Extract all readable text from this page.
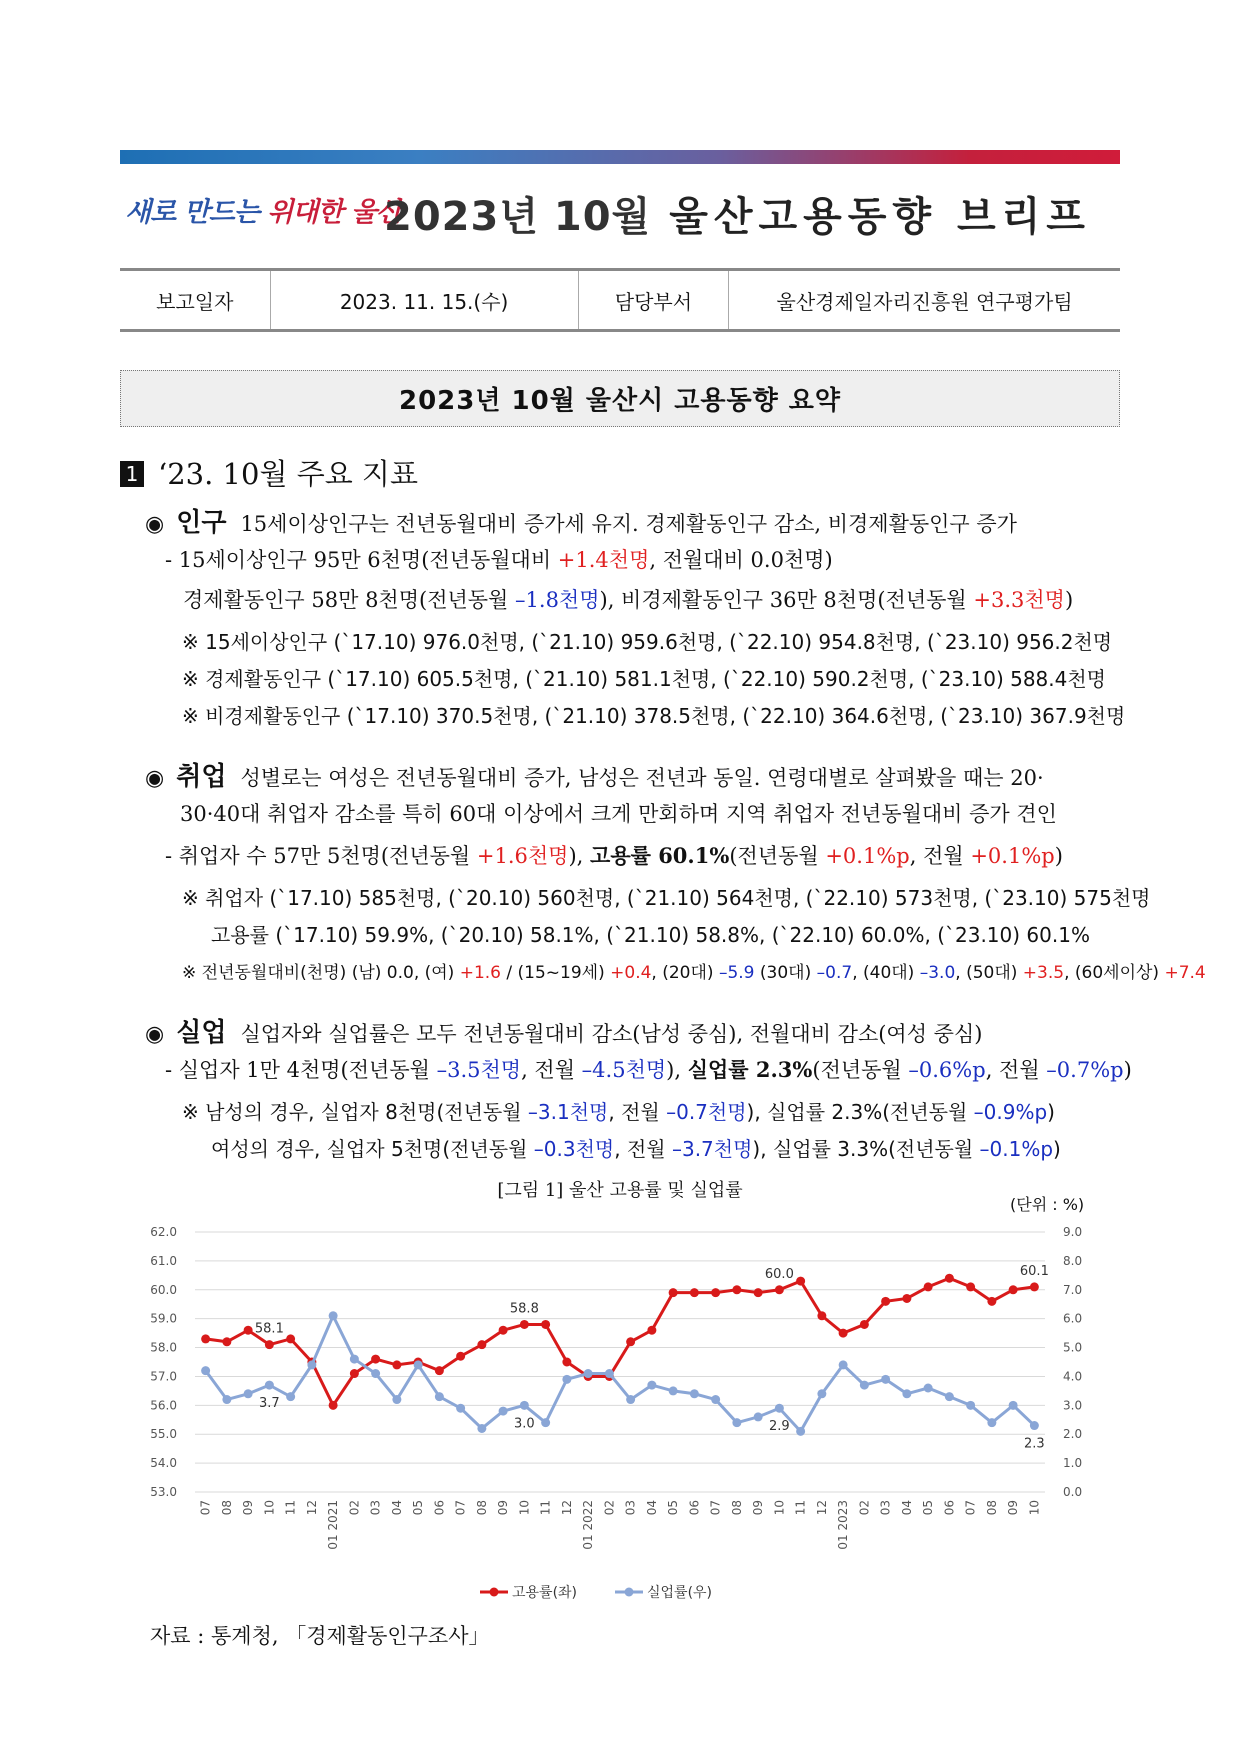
새로 만드는 위대한 울산
2023년 10월 울산고용동향 브리프
보고일자	2023. 11. 15.(수)	담당부서	울산경제일자리진흥원 연구평가팀
2023년 10월 울산시 고용동향 요약
1 ‘23. 10월 주요 지표
◉ 인구 15세이상인구는 전년동월대비 증가세 유지. 경제활동인구 감소, 비경제활동인구 증가
- 15세이상인구 95만 6천명(전년동월대비 +1.4천명, 전월대비 0.0천명)
경제활동인구 58만 8천명(전년동월 –1.8천명), 비경제활동인구 36만 8천명(전년동월 +3.3천명)
※ 15세이상인구 (`17.10) 976.0천명, (`21.10) 959.6천명, (`22.10) 954.8천명, (`23.10) 956.2천명
※ 경제활동인구 (`17.10) 605.5천명, (`21.10) 581.1천명, (`22.10) 590.2천명, (`23.10) 588.4천명
※ 비경제활동인구 (`17.10) 370.5천명, (`21.10) 378.5천명, (`22.10) 364.6천명, (`23.10) 367.9천명
◉ 취업 성별로는 여성은 전년동월대비 증가, 남성은 전년과 동일. 연령대별로 살펴봤을 때는 20·
30·40대 취업자 감소를 특히 60대 이상에서 크게 만회하며 지역 취업자 전년동월대비 증가 견인
- 취업자 수 57만 5천명(전년동월 +1.6천명), 고용률 60.1%(전년동월 +0.1%p, 전월 +0.1%p)
※ 취업자 (`17.10) 585천명, (`20.10) 560천명, (`21.10) 564천명, (`22.10) 573천명, (`23.10) 575천명
고용률 (`17.10) 59.9%, (`20.10) 58.1%, (`21.10) 58.8%, (`22.10) 60.0%, (`23.10) 60.1%
※ 전년동월대비(천명) (남) 0.0, (여) +1.6 / (15~19세) +0.4, (20대) –5.9 (30대) –0.7, (40대) –3.0, (50대) +3.5, (60세이상) +7.4
◉ 실업 실업자와 실업률은 모두 전년동월대비 감소(남성 중심), 전월대비 감소(여성 중심)
- 실업자 1만 4천명(전년동월 –3.5천명, 전월 –4.5천명), 실업률 2.3%(전년동월 –0.6%p, 전월 –0.7%p)
※ 남성의 경우, 실업자 8천명(전년동월 –3.1천명, 전월 –0.7천명), 실업률 2.3%(전년동월 –0.9%p)
여성의 경우, 실업자 5천명(전년동월 –0.3천명, 전월 –3.7천명), 실업률 3.3%(전년동월 –0.1%p)
[그림 1] 울산 고용률 및 실업률
(단위 : %)
53.0
54.0
55.0
56.0
57.0
58.0
59.0
60.0
61.0
62.0
0.0
1.0
2.0
3.0
4.0
5.0
6.0
7.0
8.0
9.0
07 08 09 10 11 12 01 2021 02 03 04 05 06 07 08 09 10 11 12 01 2022 02 03 04 05 06 07 08 09 10 11 12 01 2023 02 03 04 05 06 07 08 09 10
58.1
58.8
60.0	60.1
3.7
3.0	2.9
2.3
고용률(좌)	실업률(우)
자료 : 통계청, 「경제활동인구조사」
